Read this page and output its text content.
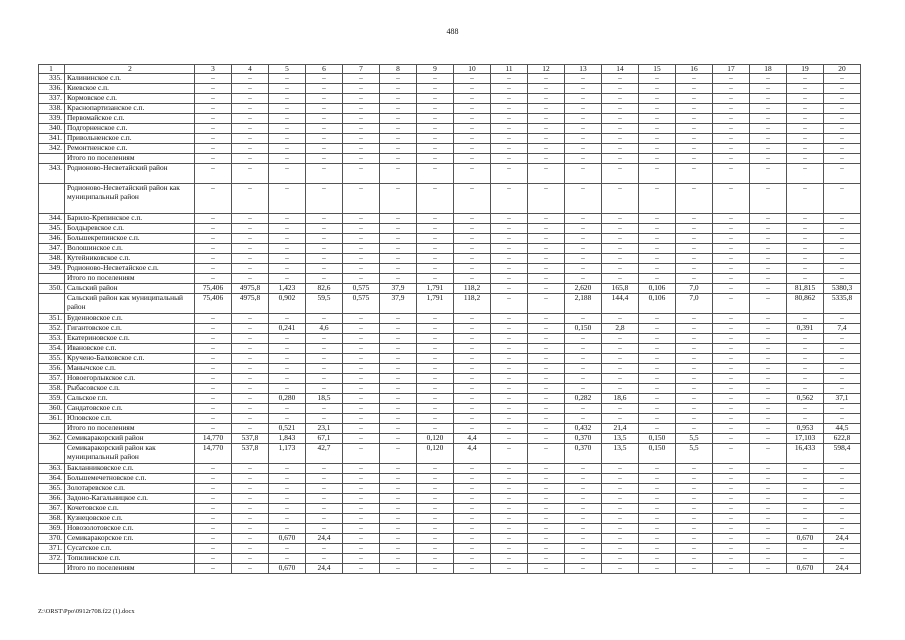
488
1	2	3	4	5	6	7	8	9	10	11	12	13	14	15	16	17	18	19	20
335.	Калининское с.п.	–	–	–	–	–	–	–	–	–	–	–	–	–	–	–	–	–	–
336.	Киевское с.п.	–	–	–	–	–	–	–	–	–	–	–	–	–	–	–	–	–	–
337.	Кормовское с.п.	–	–	–	–	–	–	–	–	–	–	–	–	–	–	–	–	–	–
338.	Краснопартизанское с.п.	–	–	–	–	–	–	–	–	–	–	–	–	–	–	–	–	–	–
339.	Первомайское с.п.	–	–	–	–	–	–	–	–	–	–	–	–	–	–	–	–	–	–
340.	Подгорненское с.п.	–	–	–	–	–	–	–	–	–	–	–	–	–	–	–	–	–	–
341.	Привольненское с.п.	–	–	–	–	–	–	–	–	–	–	–	–	–	–	–	–	–	–
342.	Ремонтненское с.п.	–	–	–	–	–	–	–	–	–	–	–	–	–	–	–	–	–	–
	Итого по поселениям	–	–	–	–	–	–	–	–	–	–	–	–	–	–	–	–	–	–
343.	Родионово-Несветайский район	–	–	–	–	–	–	–	–	–	–	–	–	–	–	–	–	–	–
	Родионово-Несветайский район как муниципальный район	–	–	–	–	–	–	–	–	–	–	–	–	–	–	–	–	–	–
344.	Барило-Крепинское с.п.	–	–	–	–	–	–	–	–	–	–	–	–	–	–	–	–	–	–
345.	Болдыревское с.п.	–	–	–	–	–	–	–	–	–	–	–	–	–	–	–	–	–	–
346.	Большекрепинское с.п.	–	–	–	–	–	–	–	–	–	–	–	–	–	–	–	–	–	–
347.	Волошинское с.п.	–	–	–	–	–	–	–	–	–	–	–	–	–	–	–	–	–	–
348.	Кутейниковское с.п.	–	–	–	–	–	–	–	–	–	–	–	–	–	–	–	–	–	–
349.	Родионово-Несветайское с.п.	–	–	–	–	–	–	–	–	–	–	–	–	–	–	–	–	–	–
	Итого по поселениям	–	–	–	–	–	–	–	–	–	–	–	–	–	–	–	–	–	–
350.	Сальский район	75,406	4975,8	1,423	82,6	0,575	37,9	1,791	118,2	–	–	2,620	165,8	0,106	7,0	–	–	81,815	5380,3
	Сальский район как муниципальный район	75,406	4975,8	0,902	59,5	0,575	37,9	1,791	118,2	–	–	2,188	144,4	0,106	7,0	–	–	80,862	5335,8
351.	Буденновское с.п.	–	–	–	–	–	–	–	–	–	–	–	–	–	–	–	–	–	–
352.	Гигантовское с.п.	–	–	0,241	4,6	–	–	–	–	–	–	0,150	2,8	–	–	–	–	0,391	7,4
353.	Екатериновское с.п.	–	–	–	–	–	–	–	–	–	–	–	–	–	–	–	–	–	–
354.	Ивановское с.п.	–	–	–	–	–	–	–	–	–	–	–	–	–	–	–	–	–	–
355.	Кручено-Балковское с.п.	–	–	–	–	–	–	–	–	–	–	–	–	–	–	–	–	–	–
356.	Манычское с.п.	–	–	–	–	–	–	–	–	–	–	–	–	–	–	–	–	–	–
357.	Новоегорлыкское с.п.	–	–	–	–	–	–	–	–	–	–	–	–	–	–	–	–	–	–
358.	Рыбасовское с.п.	–	–	–	–	–	–	–	–	–	–	–	–	–	–	–	–	–	–
359.	Сальское г.п.	–	–	0,280	18,5	–	–	–	–	–	–	0,282	18,6	–	–	–	–	0,562	37,1
360.	Сандатовское с.п.	–	–	–	–	–	–	–	–	–	–	–	–	–	–	–	–	–	–
361.	Юловское с.п.	–	–	–	–	–	–	–	–	–	–	–	–	–	–	–	–	–	–
	Итого по поселениям	–	–	0,521	23,1	–	–	–	–	–	–	0,432	21,4	–	–	–	–	0,953	44,5
362.	Семикаракорский район	14,770	537,8	1,843	67,1	–	–	0,120	4,4	–	–	0,370	13,5	0,150	5,5	–	–	17,103	622,8
	Семикаракорский район как муниципальный район	14,770	537,8	1,173	42,7	–	–	0,120	4,4	–	–	0,370	13,5	0,150	5,5	–	–	16,433	598,4
363.	Бакланниковское с.п.	–	–	–	–	–	–	–	–	–	–	–	–	–	–	–	–	–	–
364.	Большемечетновское с.п.	–	–	–	–	–	–	–	–	–	–	–	–	–	–	–	–	–	–
365.	Золотаревское с.п.	–	–	–	–	–	–	–	–	–	–	–	–	–	–	–	–	–	–
366.	Задоно-Кагальницкое с.п.	–	–	–	–	–	–	–	–	–	–	–	–	–	–	–	–	–	–
367.	Кочетовское с.п.	–	–	–	–	–	–	–	–	–	–	–	–	–	–	–	–	–	–
368.	Кузнецовское с.п.	–	–	–	–	–	–	–	–	–	–	–	–	–	–	–	–	–	–
369.	Новозолотовское с.п.	–	–	–	–	–	–	–	–	–	–	–	–	–	–	–	–	–	–
370.	Семикаракорское г.п.	–	–	0,670	24,4	–	–	–	–	–	–	–	–	–	–	–	–	0,670	24,4
371.	Сусатское с.п.	–	–	–	–	–	–	–	–	–	–	–	–	–	–	–	–	–	–
372.	Топилинское с.п.	–	–	–	–	–	–	–	–	–	–	–	–	–	–	–	–	–	–
	Итого по поселениям	–	–	0,670	24,4	–	–	–	–	–	–	–	–	–	–	–	–	0,670	24,4
Z:\ORST\Ppo\0912r708.f22 (1).docx
